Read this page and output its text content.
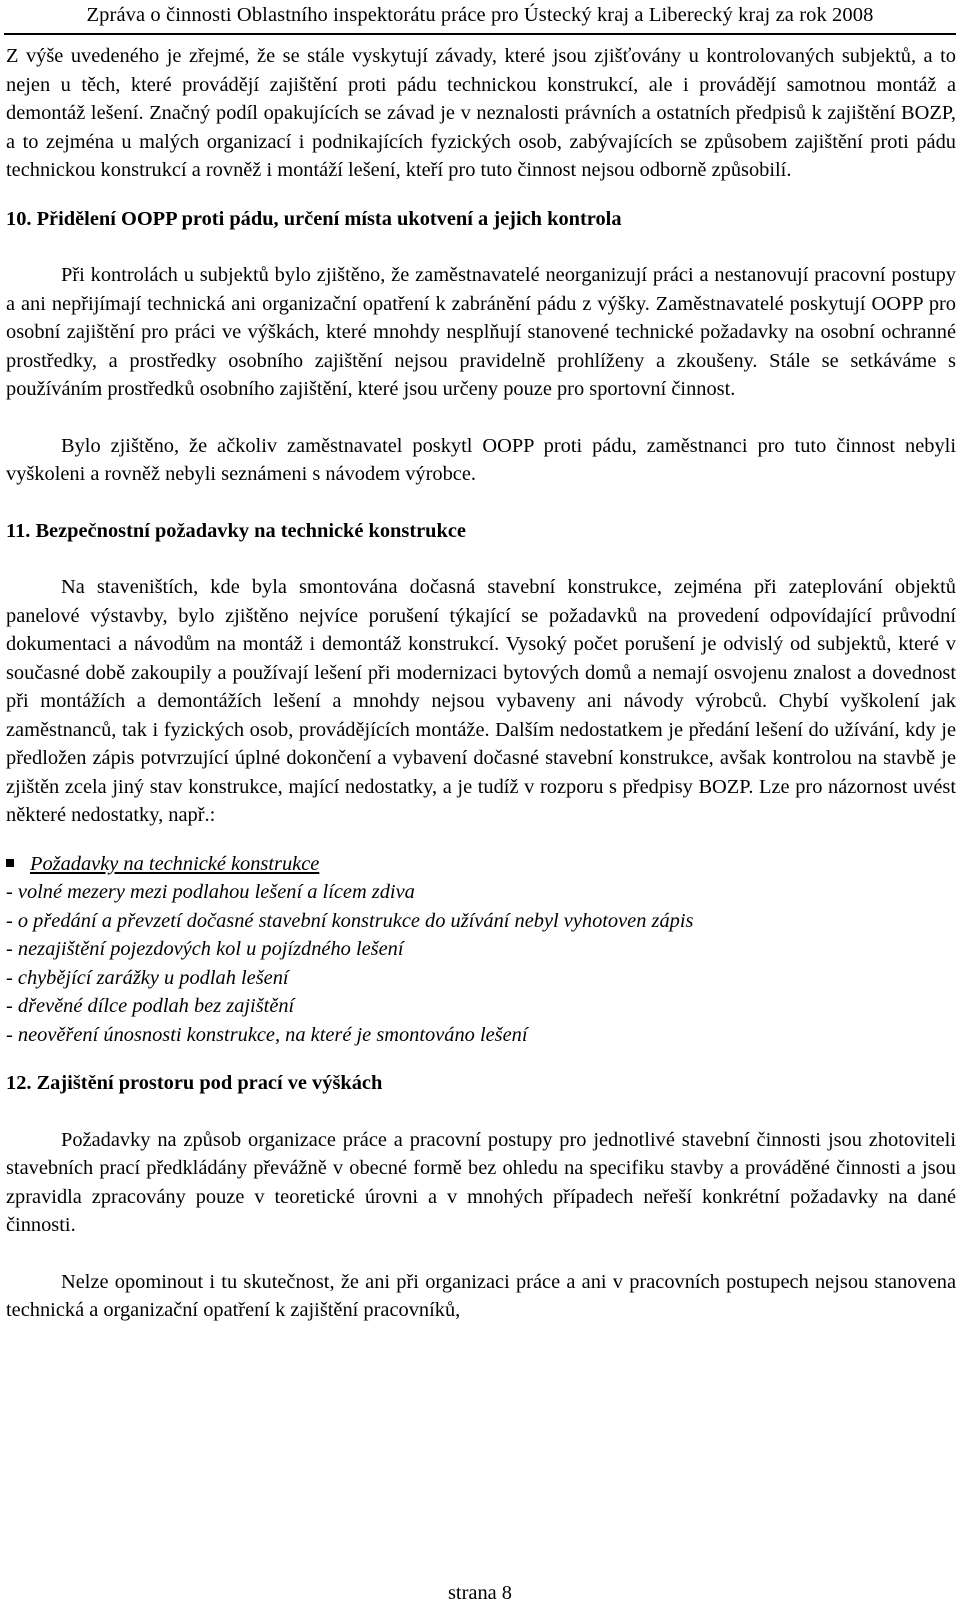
Zpráva o činnosti Oblastního inspektorátu práce pro Ústecký kraj a Liberecký kraj za rok 2008

Z výše uvedeného je zřejmé, že se stále vyskytují závady, které jsou zjišťovány u kontrolovaných subjektů, a to nejen u těch, které provádějí zajištění proti pádu technickou konstrukcí, ale i provádějí samotnou montáž a demontáž lešení. Značný podíl opakujících se závad je v neznalosti právních a ostatních předpisů k zajištění BOZP, a to zejména u malých organizací i podnikajících fyzických osob, zabývajících se způsobem zajištění proti pádu technickou konstrukcí a rovněž i montáží lešení, kteří pro tuto činnost nejsou odborně způsobilí.

10. Přidělení OOPP proti pádu, určení místa ukotvení a jejich kontrola

Při kontrolách u subjektů bylo zjištěno, že zaměstnavatelé neorganizují práci a nestanovují pracovní postupy a ani nepřijímají technická ani organizační opatření k zabránění pádu z výšky. Zaměstnavatelé poskytují OOPP pro osobní zajištění pro práci ve výškách, které mnohdy nesplňují stanovené technické požadavky na osobní ochranné prostředky, a prostředky osobního zajištění nejsou pravidelně prohlíženy a zkoušeny. Stále se setkáváme s používáním prostředků osobního zajištění, které jsou určeny pouze pro sportovní činnost.

Bylo zjištěno, že ačkoliv zaměstnavatel poskytl OOPP proti pádu, zaměstnanci pro tuto činnost nebyli vyškoleni a rovněž nebyli seznámeni s návodem výrobce.

11. Bezpečnostní požadavky na technické konstrukce

Na staveništích, kde byla smontována dočasná stavební konstrukce, zejména při zateplování objektů panelové výstavby, bylo zjištěno nejvíce porušení týkající se požadavků na provedení odpovídající průvodní dokumentaci a návodům na montáž i demontáž konstrukcí. Vysoký počet porušení je odvislý od subjektů, které v současné době zakoupily a používají lešení při modernizaci bytových domů a nemají osvojenu znalost a dovednost při montážích a demontážích lešení a mnohdy nejsou vybaveny ani návody výrobců. Chybí vyškolení jak zaměstnanců, tak i fyzických osob, provádějících montáže. Dalším nedostatkem je předání lešení do užívání, kdy je předložen zápis potvrzující úplné dokončení a vybavení dočasné stavební konstrukce, avšak kontrolou na stavbě je zjištěn zcela jiný stav konstrukce, mající nedostatky, a je tudíž v rozporu s předpisy BOZP. Lze pro názornost uvést některé nedostatky, např.:

Požadavky na technické konstrukce
- volné mezery mezi podlahou lešení a lícem zdiva
- o předání a převzetí dočasné stavební konstrukce do užívání nebyl vyhotoven zápis
- nezajištění pojezdových kol u pojízdného lešení
- chybějící zarážky u podlah lešení
- dřevěné dílce podlah bez zajištění
- neověření únosnosti konstrukce, na které je smontováno lešení
12. Zajištění prostoru pod prací ve výškách

Požadavky na způsob organizace práce a pracovní postupy pro jednotlivé stavební činnosti jsou zhotoviteli stavebních prací předkládány převážně v obecné formě bez ohledu na specifiku stavby a prováděné činnosti a jsou zpravidla zpracovány pouze v teoretické úrovni a v mnohých případech neřeší konkrétní požadavky na dané činnosti.

Nelze opominout i tu skutečnost, že ani při organizaci práce a ani v pracovních postupech nejsou stanovena technická a organizační opatření k zajištění pracovníků,

strana 8
